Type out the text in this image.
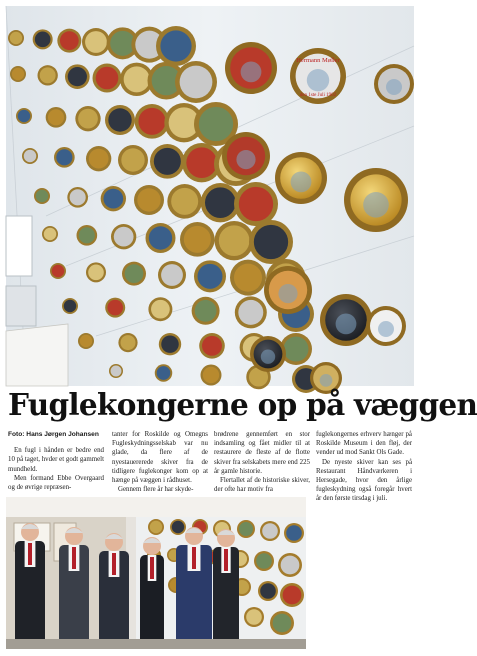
Hermann Møller
den 1ste Juli 1902
Fuglekongerne op på væggen

Foto: Hans Jørgen Johansen

En fugl i hånden er bedre end 10 på taget, hvder et godt gammelt mundheld.

Men formand Ebbe Overgaard og de øvrige repræsen-

tanter for Roskilde og Omegns Fugleskydningsselskab var nu glade, da flere af de nyestauererede skiver fra de tidligere fuglekonger kom op at hænge på væggen i rådhuset.

Gennem flere år har skyde-

brødrene gennemført en stor indsamling og fået midler til at restaurere de fleste af de flotte skiver fra selskabets mere end 225 år gamle historie.

Flertallet af de historiske skiver, der ofte har motiv fra

fuglekongernes erhverv hænger på Roskilde Museum i den fløj, der vender ud mod Sankt Ols Gade.

De nyeste skiver kan ses på Restaurant Håndværkeren i Hersegade, hvor den årlige fugleskydning også foregår hvert år den første tirsdag i juli.
